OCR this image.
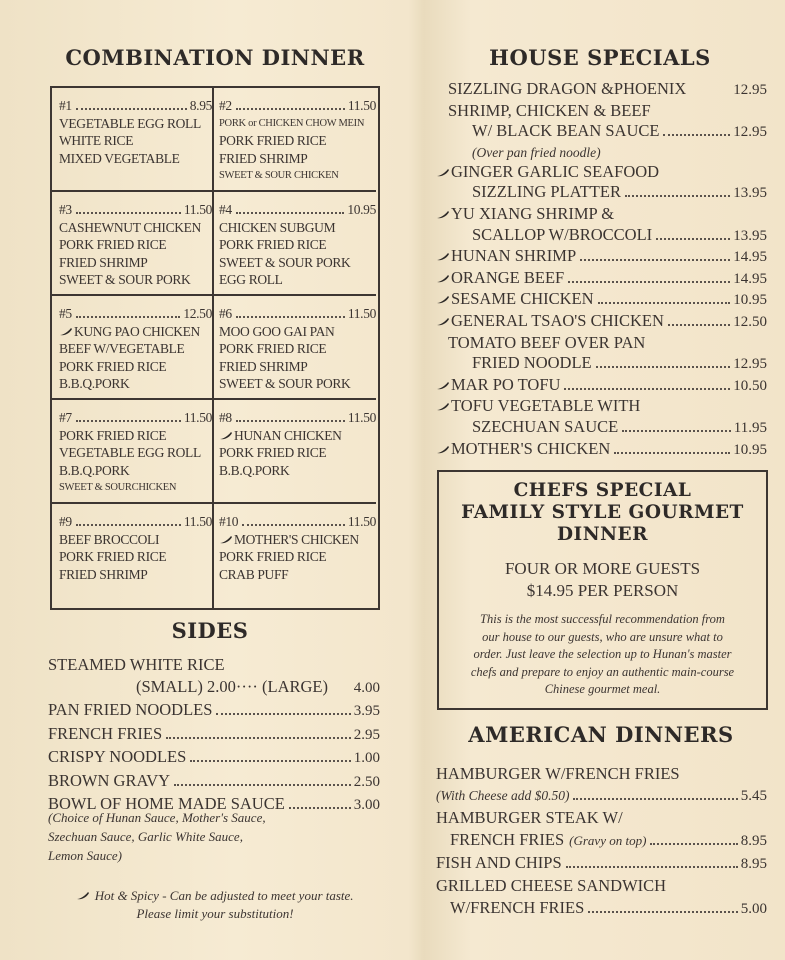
COMBINATION DINNER
#1	8.95
VEGETABLE EGG ROLL
WHITE RICE
MIXED VEGETABLE
#2	11.50
PORK or CHICKEN CHOW MEIN
PORK FRIED RICE
FRIED SHRIMP
SWEET & SOUR CHICKEN
#3	11.50
CASHEWNUT CHICKEN
PORK FRIED RICE
FRIED SHRIMP
SWEET & SOUR PORK
#4	10.95
CHICKEN SUBGUM
PORK FRIED RICE
SWEET & SOUR PORK
EGG ROLL
#5	12.50
KUNG PAO CHICKEN
BEEF W/VEGETABLE
PORK FRIED RICE
B.B.Q.PORK
#6	11.50
MOO GOO GAI PAN
PORK FRIED RICE
FRIED SHRIMP
SWEET & SOUR PORK
#7	11.50
PORK FRIED RICE
VEGETABLE EGG ROLL
B.B.Q.PORK
SWEET & SOURCHICKEN
#8	11.50
HUNAN CHICKEN
PORK FRIED RICE
B.B.Q.PORK
#9	11.50
BEEF BROCCOLI
PORK FRIED RICE
FRIED SHRIMP
#10	11.50
MOTHER'S CHICKEN
PORK FRIED RICE
CRAB PUFF
SIDES
STEAMED WHITE RICE
(SMALL) 2.00···· (LARGE) 4.00
PAN FRIED NOODLES	3.95
FRENCH FRIES	2.95
CRISPY NOODLES	1.00
BROWN GRAVY	2.50
BOWL OF HOME MADE SAUCE	3.00
(Choice of Hunan Sauce, Mother's Sauce,
Szechuan Sauce, Garlic White Sauce,
Lemon Sauce)
Hot & Spicy - Can be adjusted to meet your taste.
Please limit your substitution!
HOUSE SPECIALS
SIZZLING DRAGON &PHOENIX	12.95
SHRIMP, CHICKEN & BEEF
W/ BLACK BEAN SAUCE	12.95
(Over pan fried noodle)
GINGER GARLIC SEAFOOD
SIZZLING PLATTER	13.95
YU XIANG SHRIMP &
SCALLOP W/BROCCOLI	13.95
HUNAN SHRIMP	14.95
ORANGE BEEF	14.95
SESAME CHICKEN	10.95
GENERAL TSAO'S CHICKEN	12.50
TOMATO BEEF OVER PAN
FRIED NOODLE	12.95
MAR PO TOFU	10.50
TOFU VEGETABLE WITH
SZECHUAN SAUCE	11.95
MOTHER'S CHICKEN	10.95
CHEFS SPECIAL
FAMILY STYLE GOURMET
DINNER
FOUR OR MORE GUESTS
$14.95 PER PERSON
This is the most successful recommendation from
our house to our guests, who are unsure what to
order. Just leave the selection up to Hunan's master
chefs and prepare to enjoy an authentic main-course
Chinese gourmet meal.
AMERICAN DINNERS
HAMBURGER W/FRENCH FRIES
(With Cheese add $0.50)	5.45
HAMBURGER STEAK W/
FRENCH FRIES (Gravy on top)	8.95
FISH AND CHIPS	8.95
GRILLED CHEESE SANDWICH
W/FRENCH FRIES	5.00
